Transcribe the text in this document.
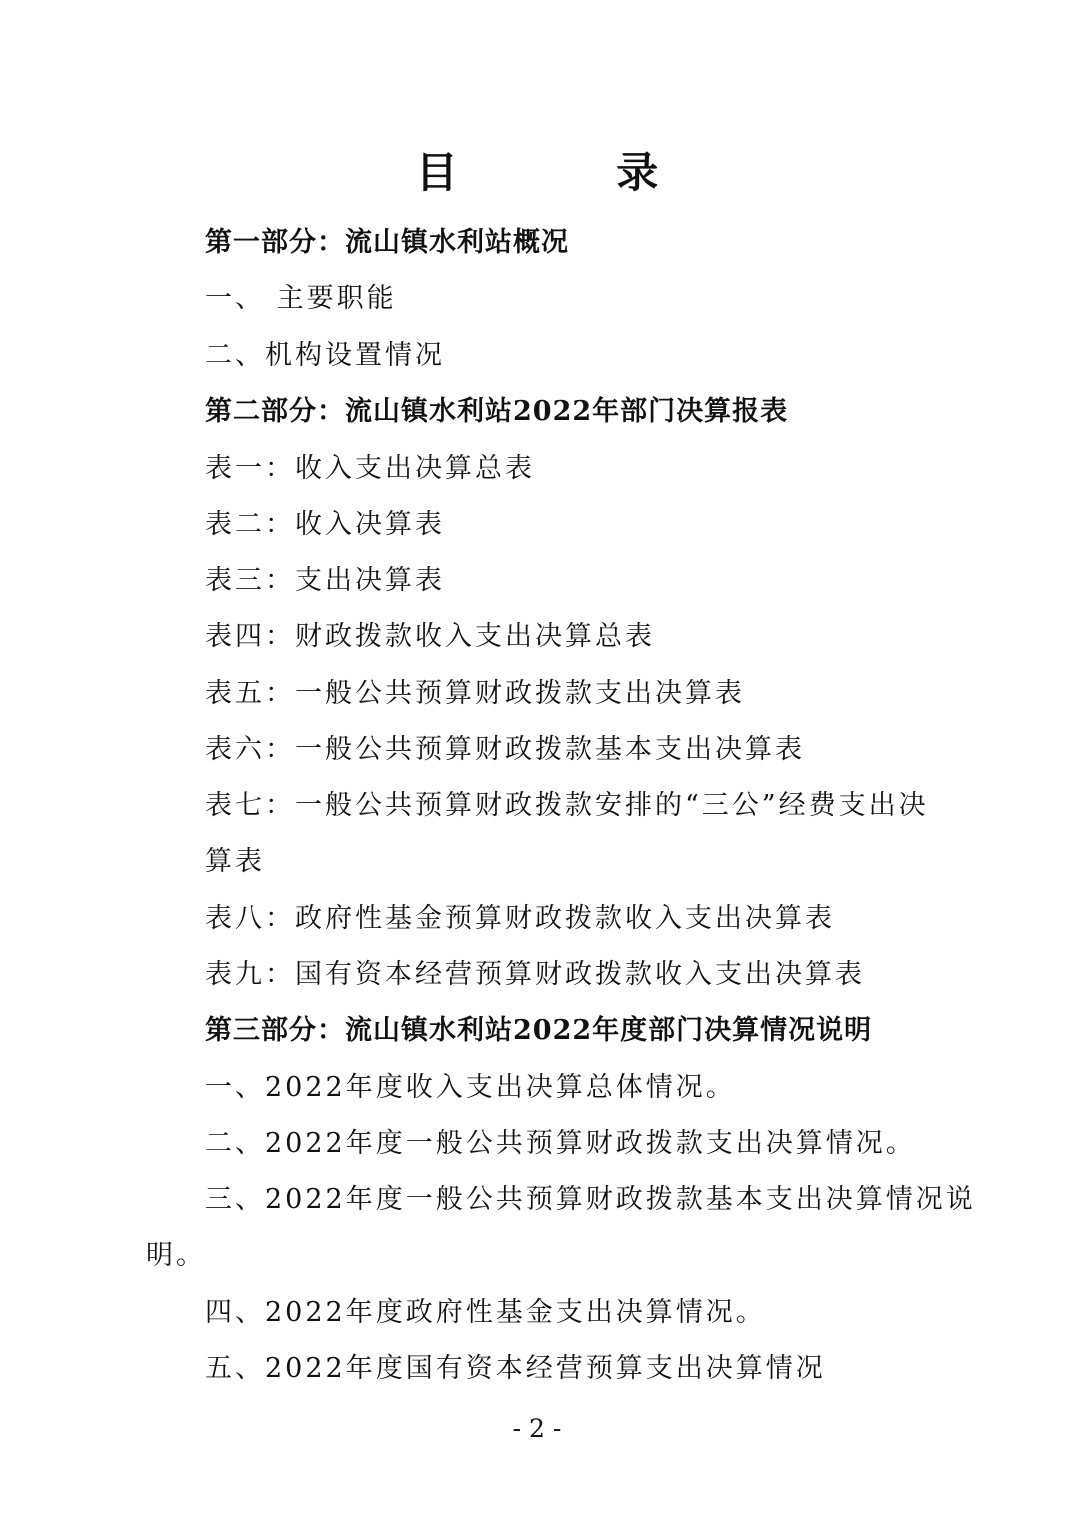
目 录
第一部分：流山镇水利站概况
一、 主要职能
二、机构设置情况
第二部分：流山镇水利站2022年部门决算报表
表一：收入支出决算总表
表二：收入决算表
表三：支出决算表
表四：财政拨款收入支出决算总表
表五：一般公共预算财政拨款支出决算表
表六：一般公共预算财政拨款基本支出决算表
表七：一般公共预算财政拨款安排的“三公”经费支出决
算表
表八：政府性基金预算财政拨款收入支出决算表
表九：国有资本经营预算财政拨款收入支出决算表
第三部分：流山镇水利站2022年度部门决算情况说明
一、2022年度收入支出决算总体情况。
二、2022年度一般公共预算财政拨款支出决算情况。
三、2022年度一般公共预算财政拨款基本支出决算情况说
明。
四、2022年度政府性基金支出决算情况。
五、2022年度国有资本经营预算支出决算情况
- 2 -
